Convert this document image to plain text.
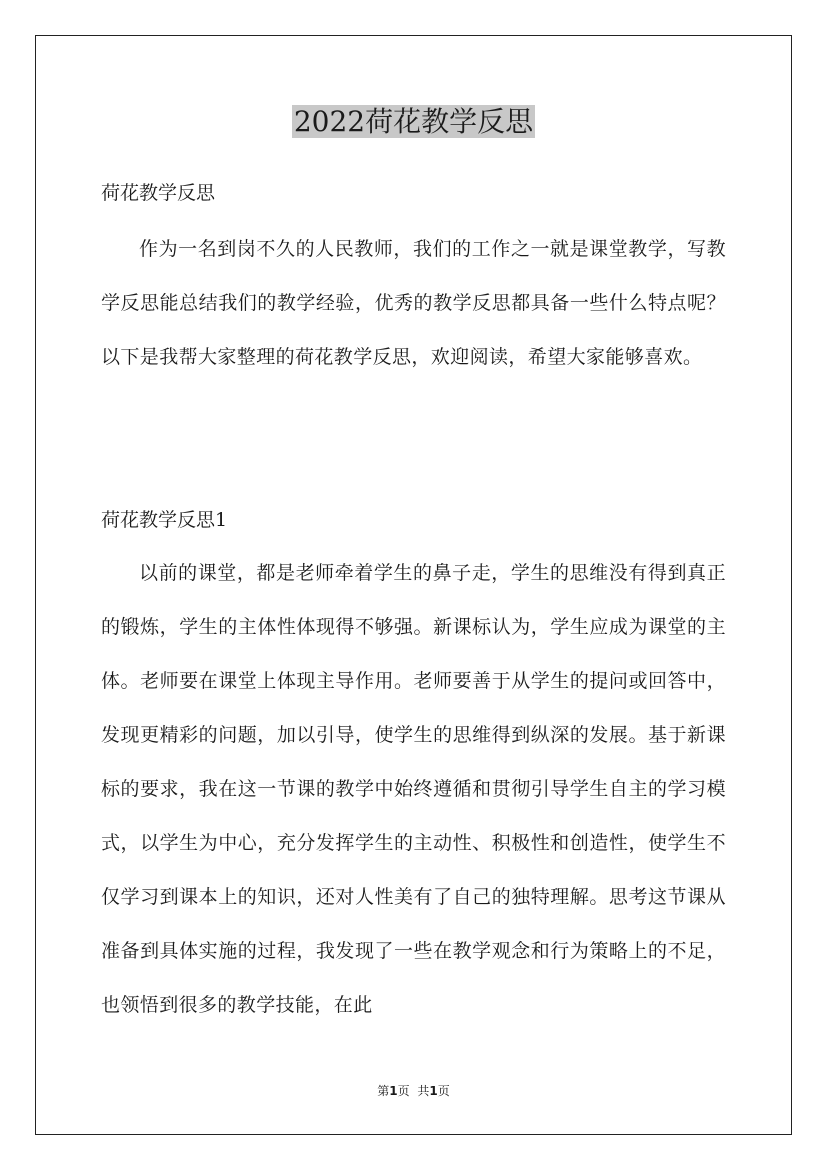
2022荷花教学反思
荷花教学反思
作为一名到岗不久的人民教师，我们的工作之一就是课堂教学，写教学反思能总结我们的教学经验，优秀的教学反思都具备一些什么特点呢？以下是我帮大家整理的荷花教学反思，欢迎阅读，希望大家能够喜欢。
荷花教学反思1
以前的课堂，都是老师牵着学生的鼻子走，学生的思维没有得到真正的锻炼，学生的主体性体现得不够强。新课标认为，学生应成为课堂的主体。老师要在课堂上体现主导作用。老师要善于从学生的提问或回答中，发现更精彩的问题，加以引导，使学生的思维得到纵深的发展。基于新课标的要求，我在这一节课的教学中始终遵循和贯彻引导学生自主的学习模式，以学生为中心，充分发挥学生的主动性、积极性和创造性，使学生不仅学习到课本上的知识，还对人性美有了自己的独特理解。思考这节课从准备到具体实施的过程，我发现了一些在教学观念和行为策略上的不足，也领悟到很多的教学技能，在此
第1页 共1页
